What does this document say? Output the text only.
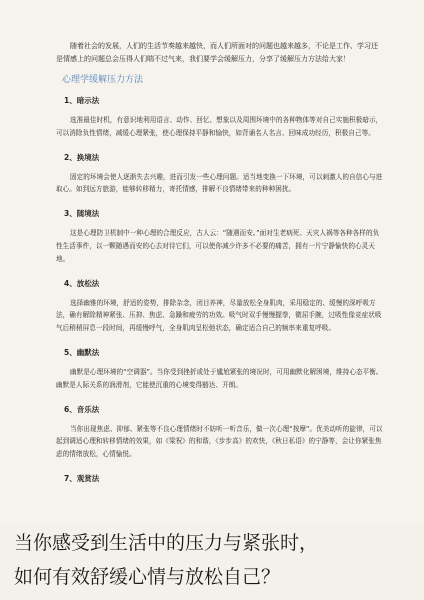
随着社会的发展，人们的生活节奏越来越快，而人们所面对的问题也越来越多，不论是工作、学习还是情感上的问题总会压得人们喘不过气来，我们要学会缓解压力，分享了缓解压力方法给大家！

心理学缓解压力方法
1、暗示法

选准最佳时机，有意识地利用语言、动作、回忆、想象以及周围环境中的各种物体等对自己实施积极暗示，可以消除负性情绪，减缓心理紧张，使心理保持平静和愉快，如背诵名人名言、回味成功经历，积极自己等。

2、换境法

固定的环境会使人逐渐失去兴趣，进而引发一些心理问题。适当地变换一下环境，可以刺激人的自信心与进取心。如到远方旅游，能够转移精力，寄托情感，排解不良情绪带来的种种困扰。

3、随境法

这是心理防卫机制中一种心理的合理反应，古人云：“随遇而安。”面对生老病死、天灾人祸等各种各样的负性生活事件，以一颗随遇而安的心去对待它们，可以使你减少许多不必要的痛苦，拥有一片宁静愉快的心灵天地。

4、放松法

选择幽雅的环境，舒适的姿势，排除杂念，闭目养神，尽量放松全身肌肉，采用稳定的、缓慢的深呼吸方法，确有解除精神紧张、压抑、焦虑、急躁和疲劳的功效。吸气时双手慢慢握拳，微屈手腕，过吸性像竞症状吸气后稍稍屏息一段时间，再缓慢呼气，全身肌肉呈松弛状态，确定适合自己的频率来重复呼吸。

5、幽默法

幽默是心理环境的“空调器”。当你受到挫折或处于尴尬紧张的境况时，可用幽默化解困境，维持心态平衡。幽默是人际关系的润滑剂，它能使沉重的心境变得豁达、开朗。

6、音乐法

当你出现焦虑、抑郁、紧张等不良心理情绪时不妨听一听音乐，做一次心理“按摩”。优美动听的旋律，可以起到调适心理和转移情绪的效果，如《梁祝》的和谐，《步步高》的欢快，《秋日私语》的宁静等，会让你紧张焦虑的情绪放松，心情愉悦。

7、观赏法

当你感受到生活中的压力与紧张时，
如何有效舒缓心情与放松自己？
